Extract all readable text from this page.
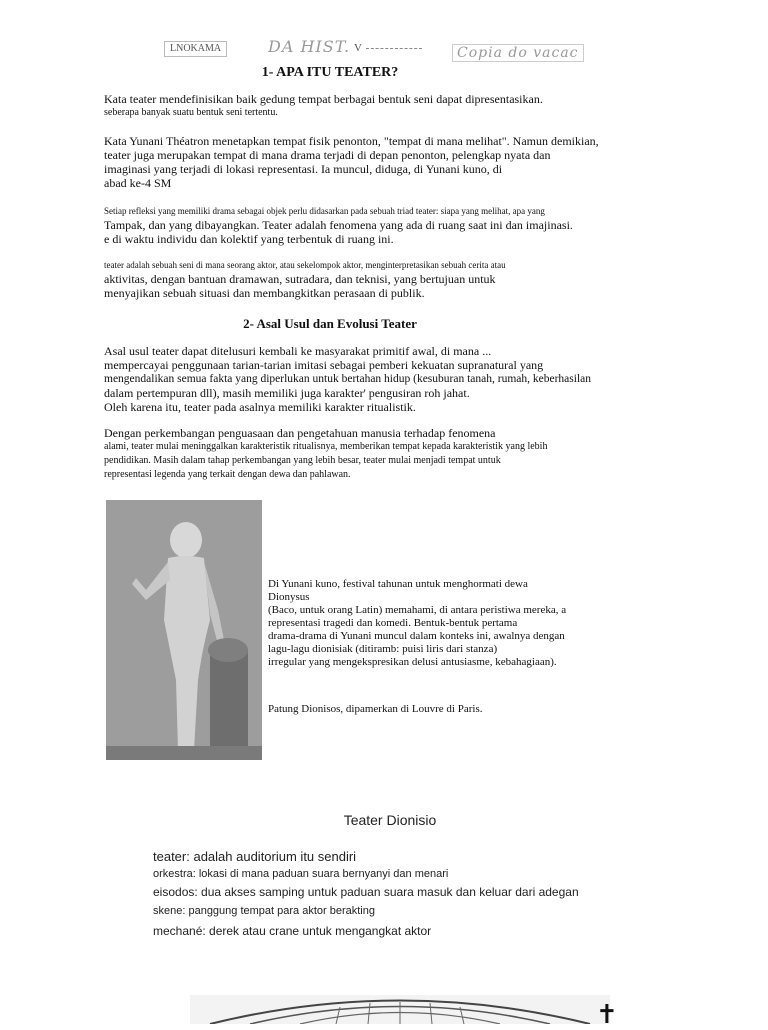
LNOKAMA	DA HIST. V	Copia do vacac
1- APA ITU TEATER?

Kata teater mendefinisikan baik gedung tempat berbagai bentuk seni dapat dipresentasikan.

seberapa banyak suatu bentuk seni tertentu.

Kata Yunani Théatron menetapkan tempat fisik penonton, "tempat di mana melihat". Namun demikian,

teater juga merupakan tempat di mana drama terjadi di depan penonton, pelengkap nyata dan

imaginasi yang terjadi di lokasi representasi. Ia muncul, diduga, di Yunani kuno, di

abad ke-4 SM

Setiap refleksi yang memiliki drama sebagai objek perlu didasarkan pada sebuah triad teater: siapa yang melihat, apa yang

Tampak, dan yang dibayangkan. Teater adalah fenomena yang ada di ruang saat ini dan imajinasi.

e di waktu individu dan kolektif yang terbentuk di ruang ini.

teater adalah sebuah seni di mana seorang aktor, atau sekelompok aktor, menginterpretasikan sebuah cerita atau

aktivitas, dengan bantuan dramawan, sutradara, dan teknisi, yang bertujuan untuk

menyajikan sebuah situasi dan membangkitkan perasaan di publik.

2- Asal Usul dan Evolusi Teater

Asal usul teater dapat ditelusuri kembali ke masyarakat primitif awal, di mana ...

mempercayai penggunaan tarian-tarian imitasi sebagai pemberi kekuatan supranatural yang

mengendalikan semua fakta yang diperlukan untuk bertahan hidup (kesuburan tanah, rumah, keberhasilan

dalam pertempuran dll), masih memiliki juga karakter' pengusiran roh jahat.

Oleh karena itu, teater pada asalnya memiliki karakter ritualistik.

Dengan perkembangan penguasaan dan pengetahuan manusia terhadap fenomena

alami, teater mulai meninggalkan karakteristik ritualisnya, memberikan tempat kepada karakteristik yang lebih

pendidikan. Masih dalam tahap perkembangan yang lebih besar, teater mulai menjadi tempat untuk

representasi legenda yang terkait dengan dewa dan pahlawan.

Di Yunani kuno, festival tahunan untuk menghormati dewa Dionysus

(Baco, untuk orang Latin) memahami, di antara peristiwa mereka, a

representasi tragedi dan komedi. Bentuk-bentuk pertama

drama-drama di Yunani muncul dalam konteks ini, awalnya dengan

lagu-lagu dionisiak (ditiramb: puisi liris dari stanza)

irregular yang mengekspresikan delusi antusiasme, kebahagiaan).

Patung Dionisos, dipamerkan di Louvre di Paris.
Teater Dionisio
teater: adalah auditorium itu sendiri
orkestra: lokasi di mana paduan suara bernyanyi dan menari
eisodos: dua akses samping untuk paduan suara masuk dan keluar dari adegan
skene: panggung tempat para aktor berakting
mechané: derek atau crane untuk mengangkat aktor
✝
